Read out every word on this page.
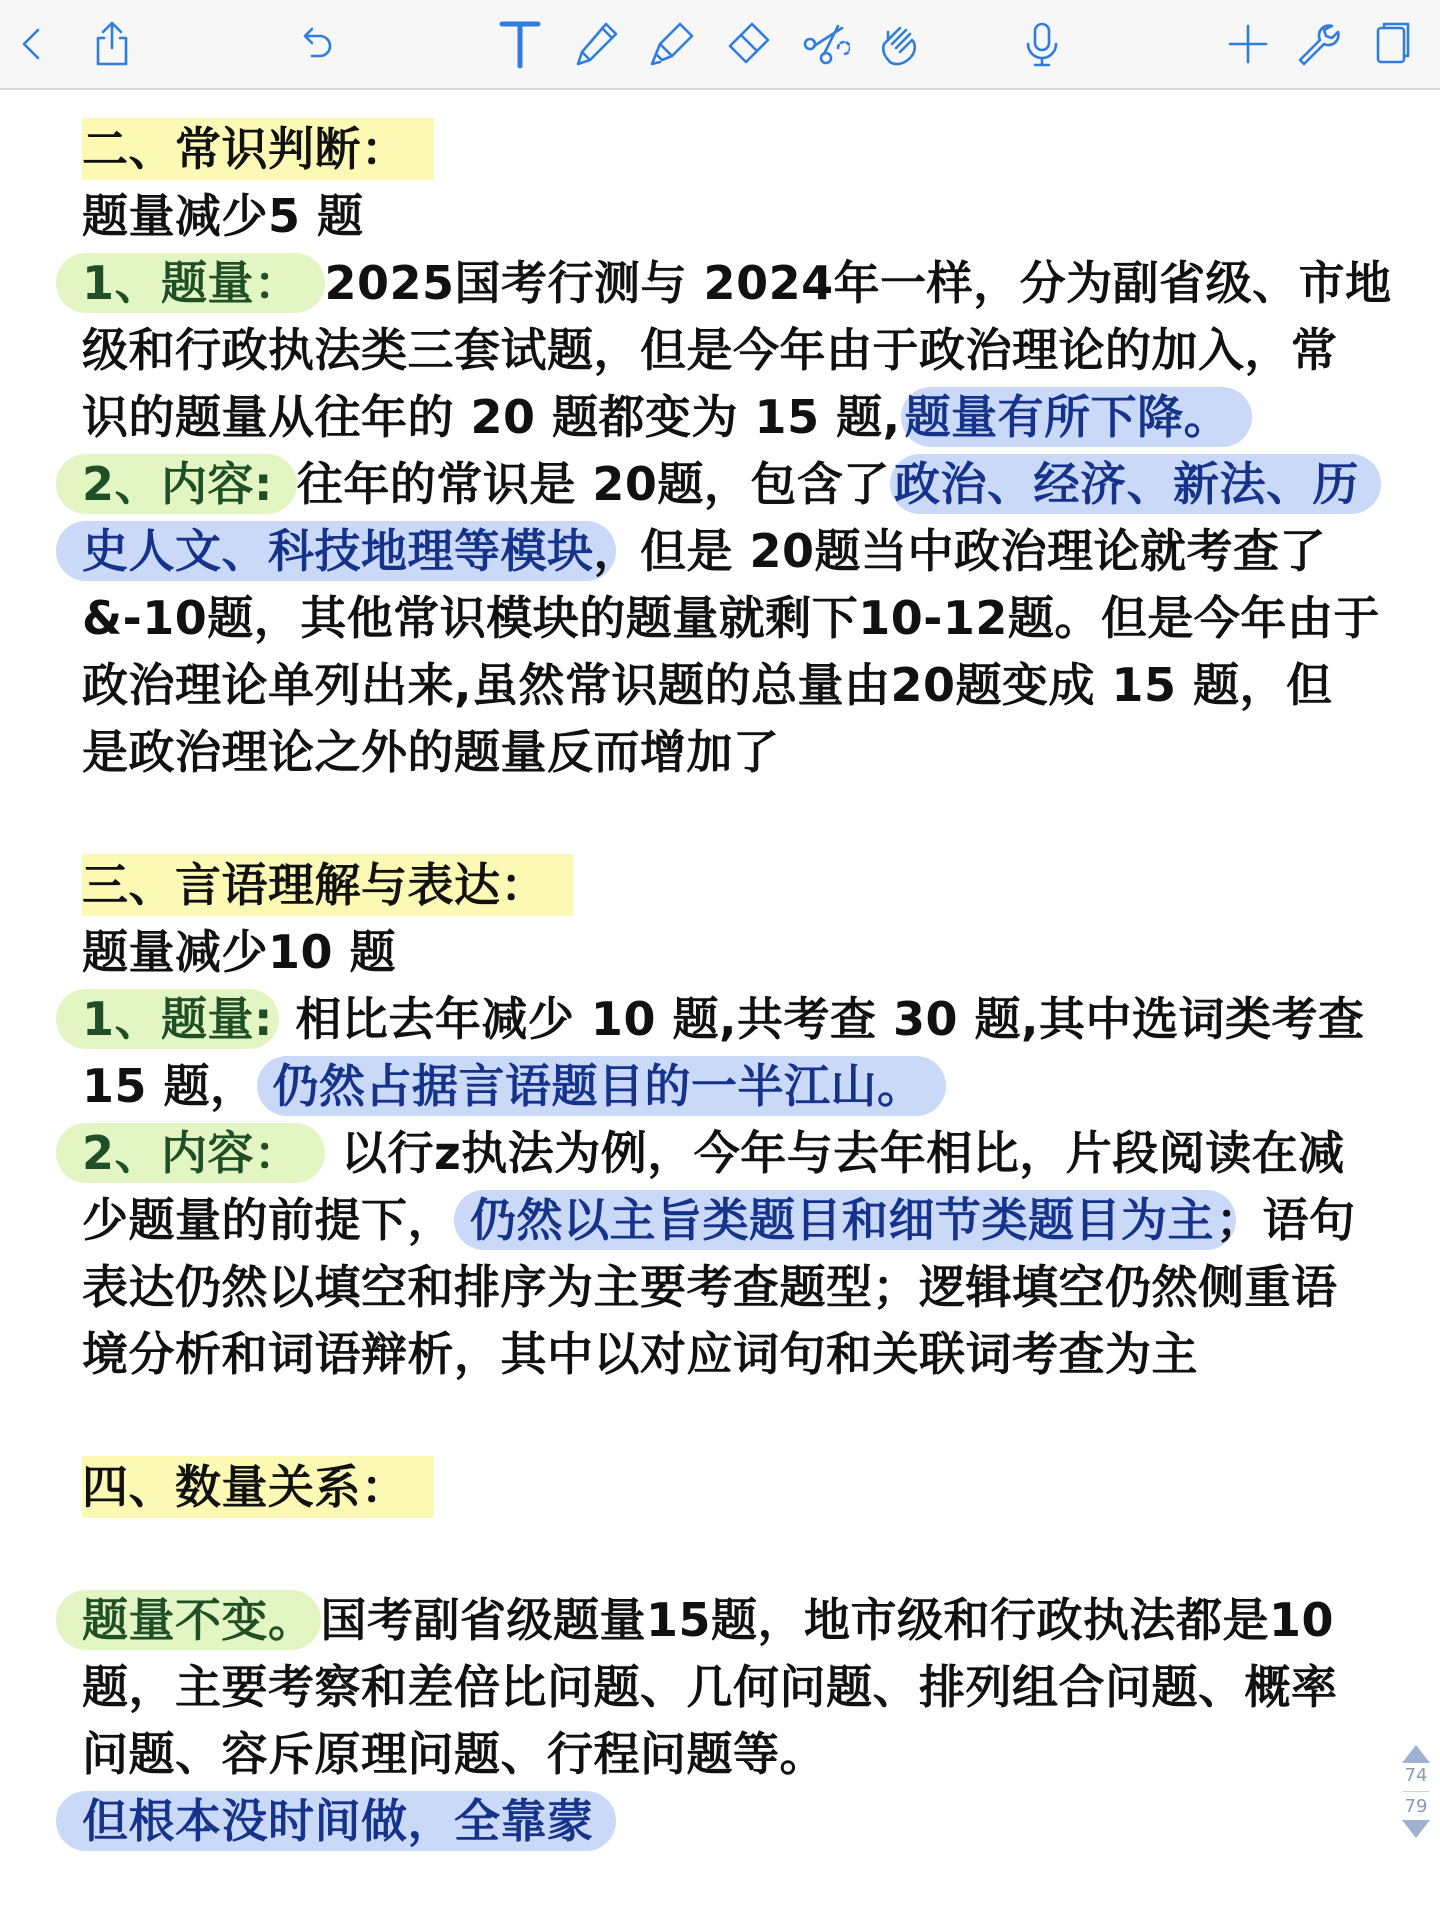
二、常识判断：
题量减少5 题
1、题量： 2025国考行测与 2024年一样，分为副省级、市地
级和行政执法类三套试题，但是今年由于政治理论的加入，常
识的题量从往年的 20 题都变为 15 题,题量有所下降。
2、内容: 往年的常识是 20题，包含了政治、经济、新法、历
史人文、科技地理等模块，但是 20题当中政治理论就考查了
&-10题，其他常识模块的题量就剩下10-12题。但是今年由于
政治理论单列出来,虽然常识题的总量由20题变成 15 题，但
是政治理论之外的题量反而增加了
三、言语理解与表达：
题量减少10 题
1、题量: 相比去年减少 10 题,共考查 30 题,其中选词类考查
15 题， 仍然占据言语题目的一半江山。
2、内容： 以行z执法为例，今年与去年相比，片段阅读在减
少题量的前提下， 仍然以主旨类题目和细节类题目为主；语句
表达仍然以填空和排序为主要考查题型；逻辑填空仍然侧重语
境分析和词语辩析，其中以对应词句和关联词考查为主
四、数量关系：
题量不变。 国考副省级题量15题，地市级和行政执法都是10
题，主要考察和差倍比问题、几何问题、排列组合问题、概率
问题、容斥原理问题、行程问题等。
但根本没时间做，全靠蒙
74
79
